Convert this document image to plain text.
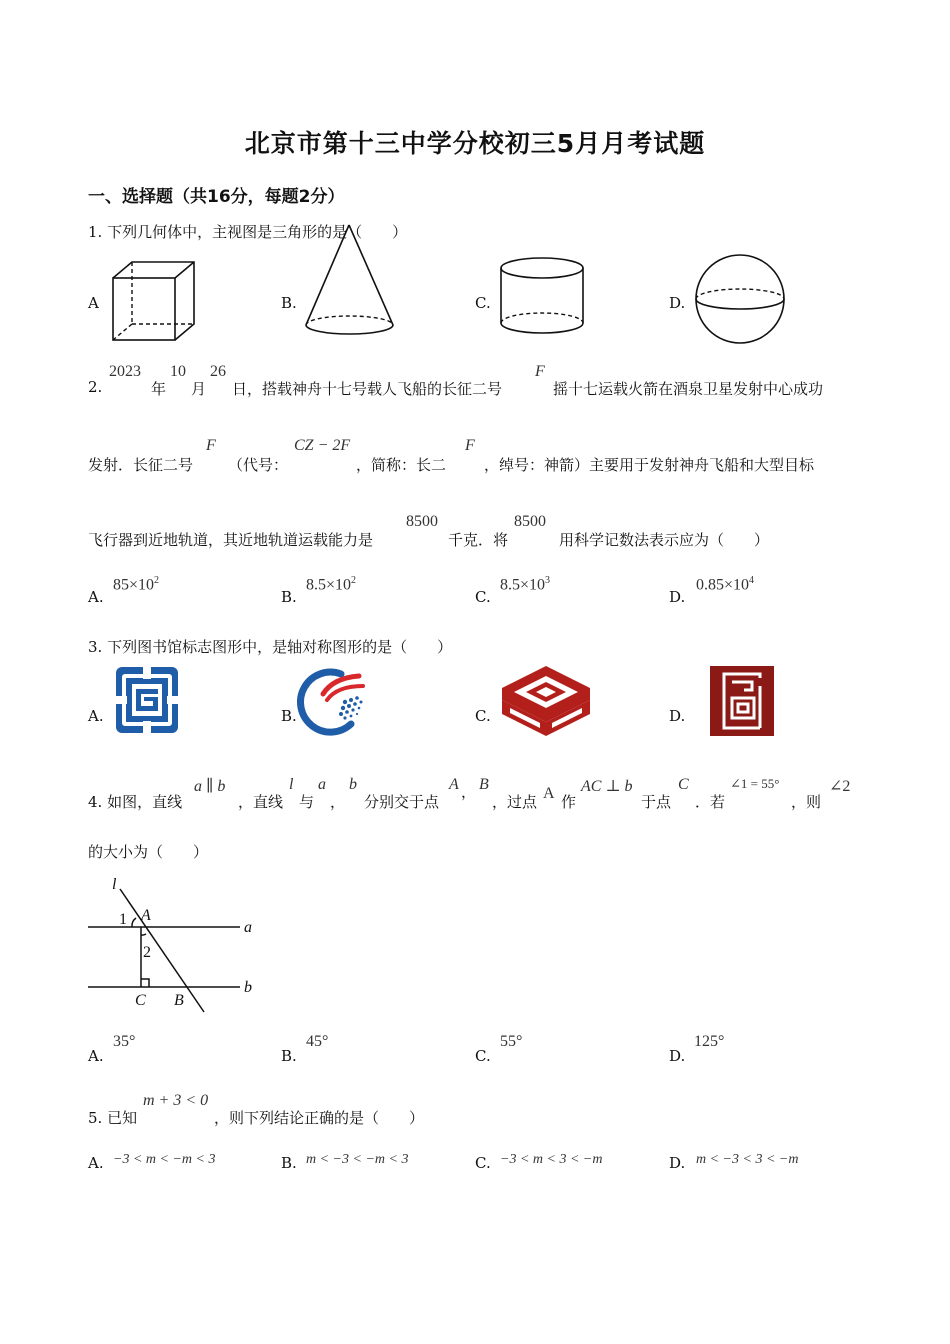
北京市第十三中学分校初三5月月考试题
一、选择题（共16分，每题2分）
1. 下列几何体中，主视图是三角形的是（　　）
A	B.	C.	D.
2.
2023
年
10
月
26
日，搭载神舟十七号载人飞船的长征二号
F
摇十七运载火箭在酒泉卫星发射中心成功
发射．长征二号
F
（代号：
CZ − 2F
，简称：长二
F
，绰号：神箭）主要用于发射神舟飞船和大型目标
飞行器到近地轨道，其近地轨道运载能力是
8500
千克．将
8500
用科学记数法表示应为（　　）
A.
$85\times 10^2$
B.
$8.5\times 10^2$
C.
$8.5\times 10^3$
D.
$0.85\times 10^4$
3. 下列图书馆标志图形中，是轴对称图形的是（　　）
A.	B.	C.	D.
4. 如图，直线
a ∥ b
，直线
l
与
a
，
b
分别交于点
A ， B
，过点 A 作
AC ⊥ b
于点
C
．若
∠1 = 55°
，则
∠2
的大小为（　　）
l
1 A
a
2
C B
b
A.
35°
B.
45°
C.
55°
D.
125°
5. 已知
m + 3 < 0
，则下列结论正确的是（　　）
A. −3 < m < −m < 3	B. m < −3 < −m < 3	C. −3 < m < 3 < −m	D. m < −3 < 3 < −m
